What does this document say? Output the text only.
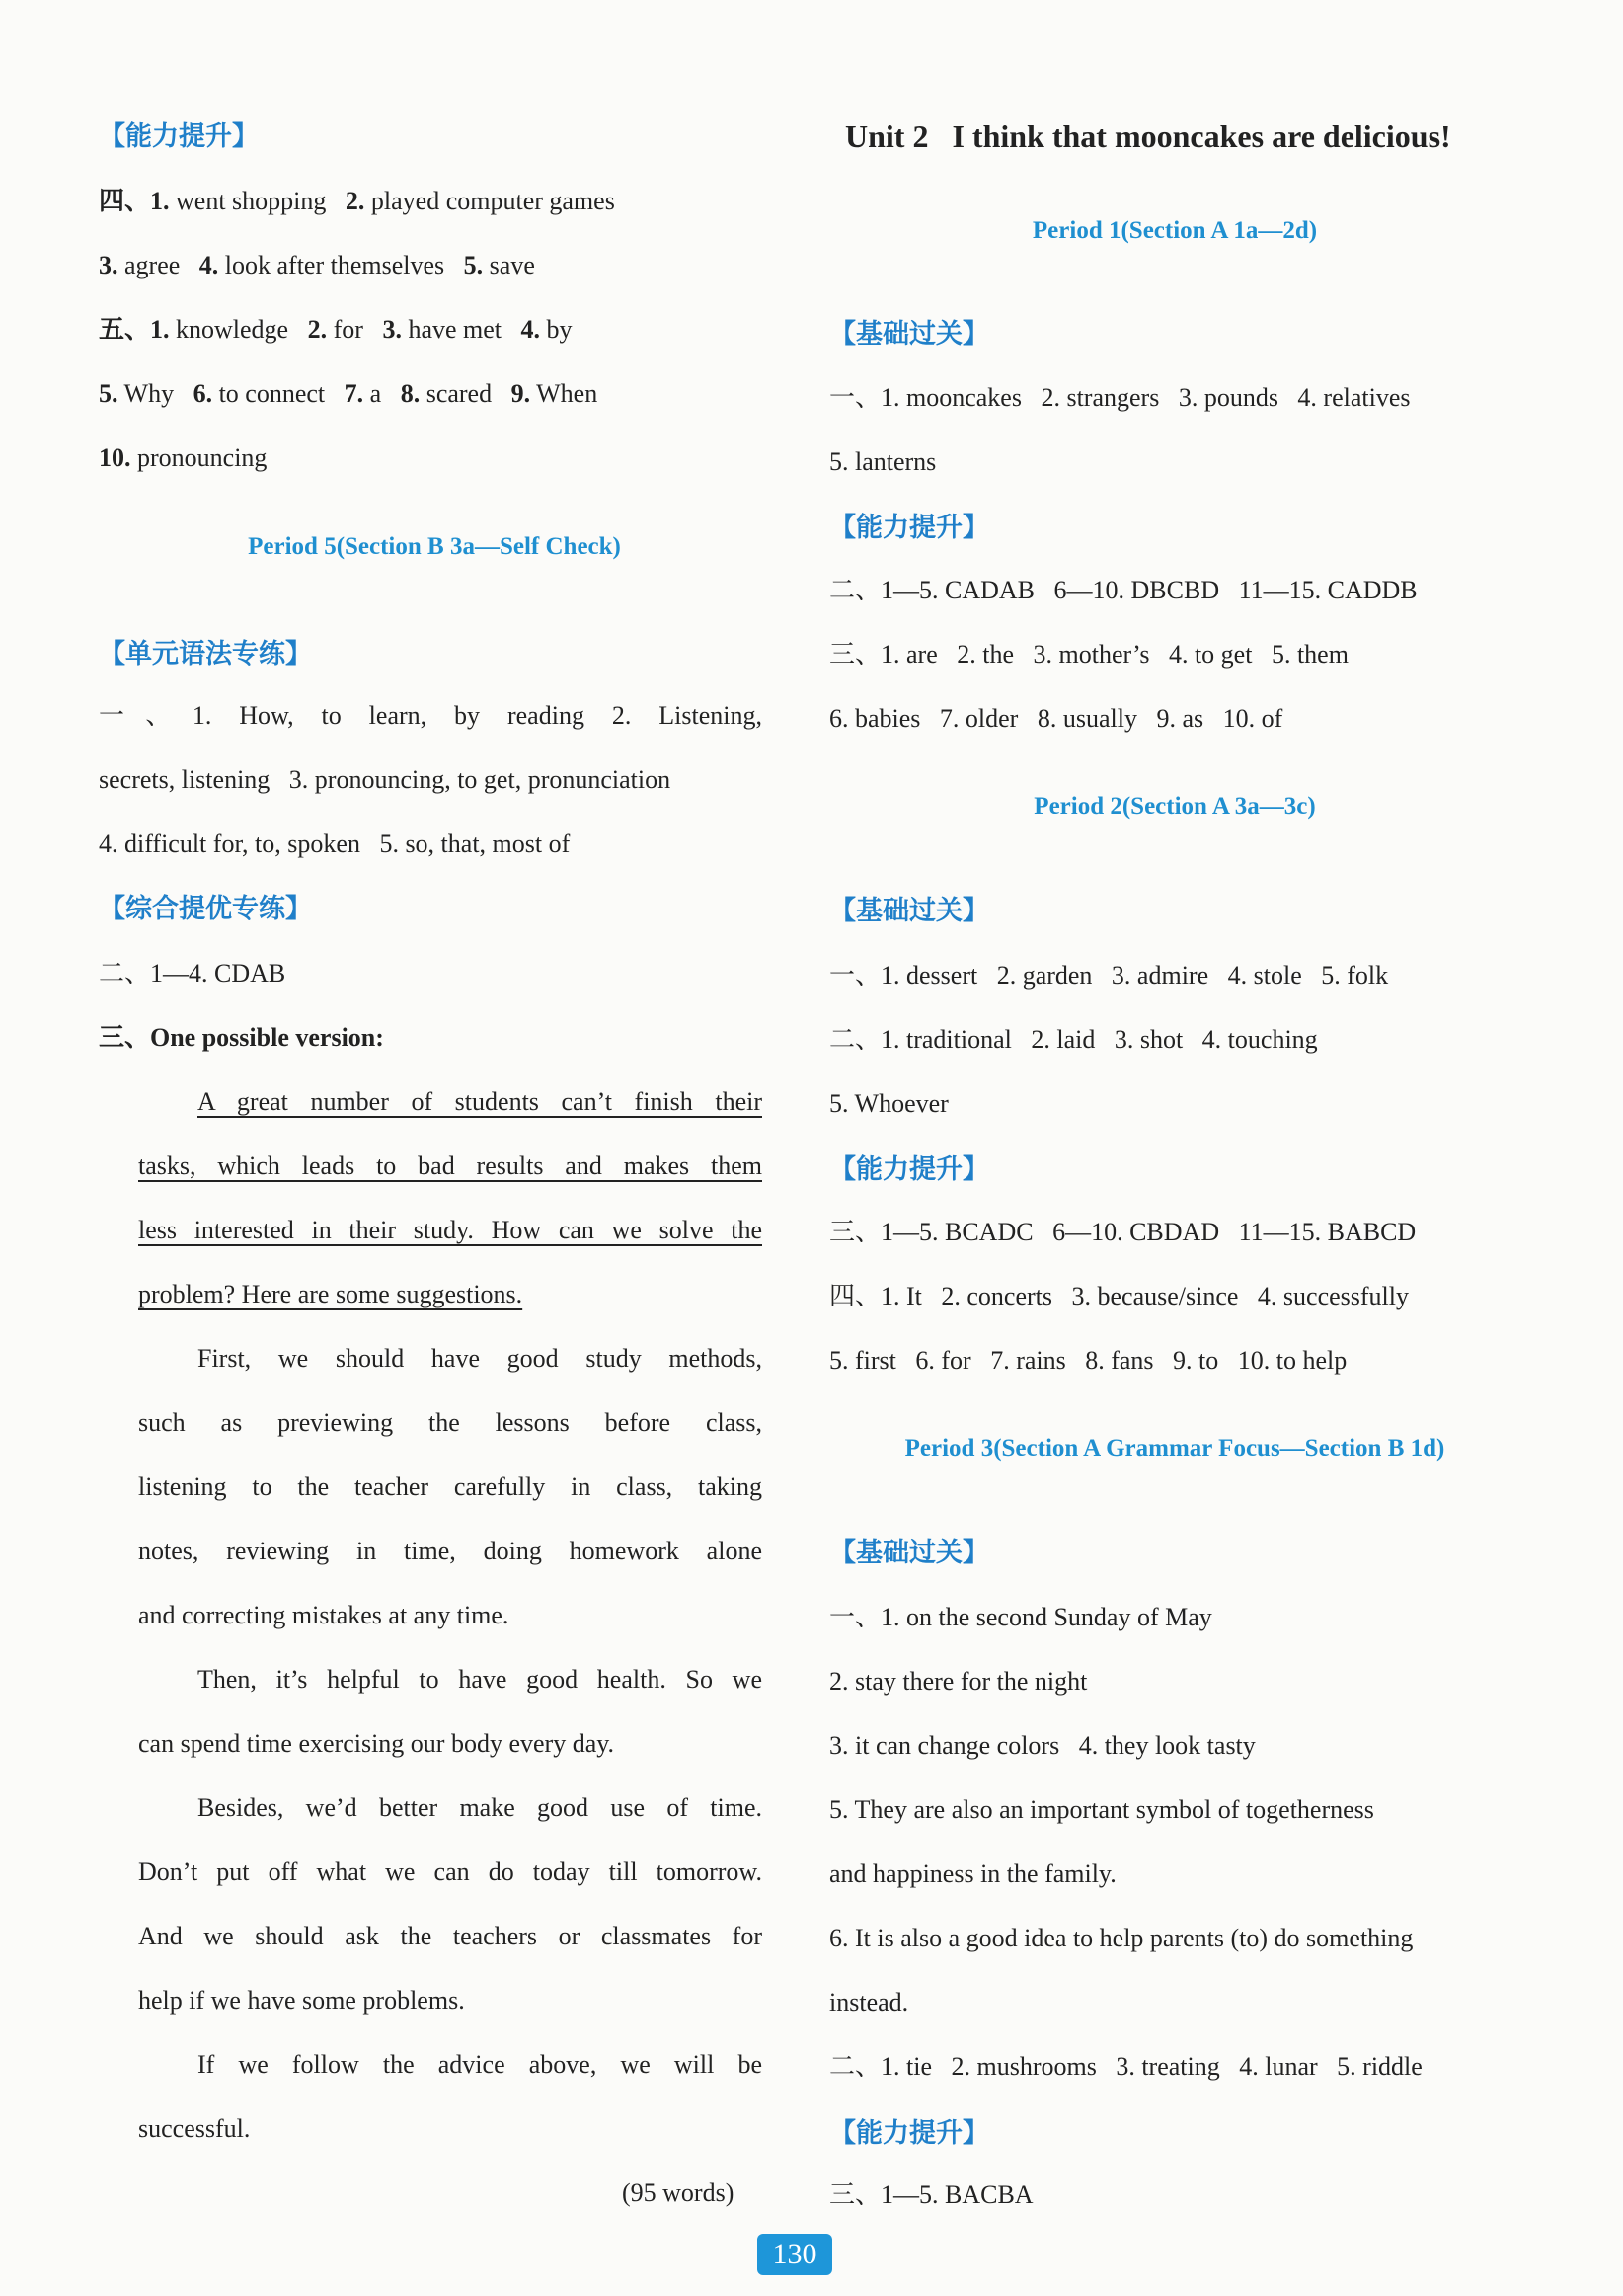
【能力提升】
四、1. went shopping   2. played computer games
3. agree   4. look after themselves   5. save
五、1. knowledge   2. for   3. have met   4. by
5. Why   6. to connect   7. a   8. scared   9. When
10. pronouncing
Period 5(Section B 3a—Self Check)
【单元语法专练】
一、1. How, to learn, by reading 2. Listening,
secrets, listening   3. pronouncing, to get, pronunciation
4. difficult for, to, spoken   5. so, that, most of
【综合提优专练】
二、1—4. CDAB
三、One possible version:
A great number of students can’t finish their
tasks, which leads to bad results and makes them
less interested in their study. How can we solve the
problem? Here are some suggestions.
First, we should have good study methods,
such as previewing the lessons before class,
listening to the teacher carefully in class, taking
notes, reviewing in time, doing homework alone
and correcting mistakes at any time.
Then, it’s helpful to have good health. So we
can spend time exercising our body every day.
Besides, we’d better make good use of time.
Don’t put off what we can do today till tomorrow.
And we should ask the teachers or classmates for
help if we have some problems.
If we follow the advice above, we will be
successful.
(95 words)
Unit 2   I think that mooncakes are delicious!
Period 1(Section A 1a—2d)
【基础过关】
一、1. mooncakes   2. strangers   3. pounds   4. relatives
5. lanterns
【能力提升】
二、1—5. CADAB   6—10. DBCBD   11—15. CADDB
三、1. are   2. the   3. mother’s   4. to get   5. them
6. babies   7. older   8. usually   9. as   10. of
Period 2(Section A 3a—3c)
【基础过关】
一、1. dessert   2. garden   3. admire   4. stole   5. folk
二、1. traditional   2. laid   3. shot   4. touching
5. Whoever
【能力提升】
三、1—5. BCADC   6—10. CBDAD   11—15. BABCD
四、1. It   2. concerts   3. because/since   4. successfully
5. first   6. for   7. rains   8. fans   9. to   10. to help
Period 3(Section A Grammar Focus—Section B 1d)
【基础过关】
一、1. on the second Sunday of May
2. stay there for the night
3. it can change colors   4. they look tasty
5. They are also an important symbol of togetherness
and happiness in the family.
6. It is also a good idea to help parents (to) do something
instead.
二、1. tie   2. mushrooms   3. treating   4. lunar   5. riddle
【能力提升】
三、1—5. BACBA
130
